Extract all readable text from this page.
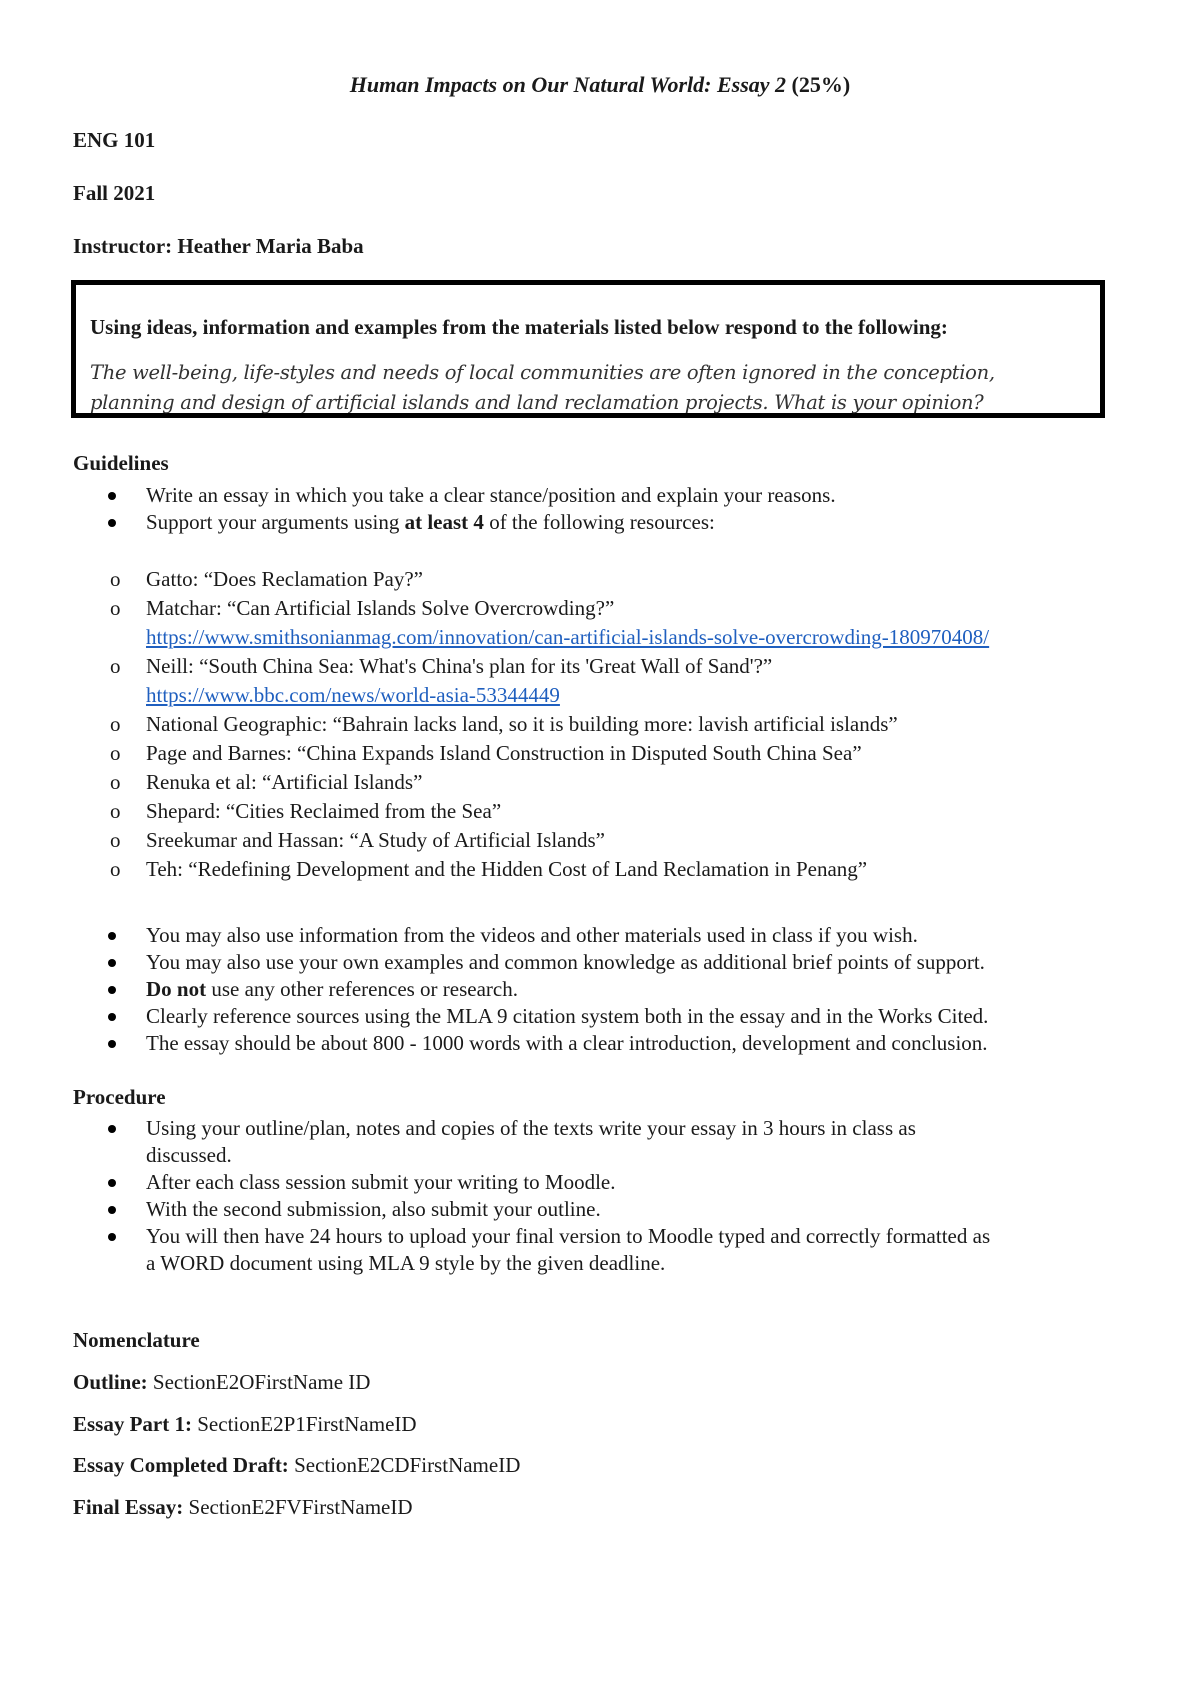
Human Impacts on Our Natural World: Essay 2 (25%)
ENG 101
Fall 2021
Instructor: Heather Maria Baba
Using ideas, information and examples from the materials listed below respond to the following:
The well-being, life-styles and needs of local communities are often ignored in the conception,
planning and design of artificial islands and land reclamation projects. What is your opinion?
Guidelines
Write an essay in which you take a clear stance/position and explain your reasons.
Support your arguments using at least 4 of the following resources:
o Gatto: “Does Reclamation Pay?”
o Matchar: “Can Artificial Islands Solve Overcrowding?”
https://www.smithsonianmag.com/innovation/can-artificial-islands-solve-overcrowding-180970408/
o Neill: “South China Sea: What's China's plan for its 'Great Wall of Sand'?”
https://www.bbc.com/news/world-asia-53344449
o National Geographic: “Bahrain lacks land, so it is building more: lavish artificial islands”
o Page and Barnes: “China Expands Island Construction in Disputed South China Sea”
o Renuka et al: “Artificial Islands”
o Shepard: “Cities Reclaimed from the Sea”
o Sreekumar and Hassan: “A Study of Artificial Islands”
o Teh: “Redefining Development and the Hidden Cost of Land Reclamation in Penang”
You may also use information from the videos and other materials used in class if you wish.
You may also use your own examples and common knowledge as additional brief points of support.
Do not use any other references or research.
Clearly reference sources using the MLA 9 citation system both in the essay and in the Works Cited.
The essay should be about 800 - 1000 words with a clear introduction, development and conclusion.
Procedure
Using your outline/plan, notes and copies of the texts write your essay in 3 hours in class as
discussed.
After each class session submit your writing to Moodle.
With the second submission, also submit your outline.
You will then have 24 hours to upload your final version to Moodle typed and correctly formatted as
a WORD document using MLA 9 style by the given deadline.
Nomenclature
Outline: SectionE2OFirstName ID
Essay Part 1: SectionE2P1FirstNameID
Essay Completed Draft: SectionE2CDFirstNameID
Final Essay: SectionE2FVFirstNameID
